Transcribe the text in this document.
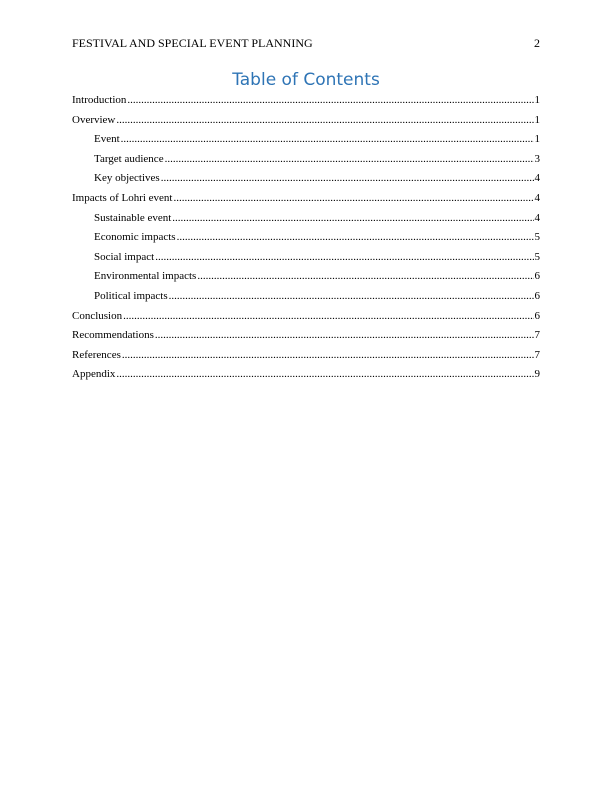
FESTIVAL AND SPECIAL EVENT PLANNING	2
Table of Contents
Introduction .....	1
Overview .....	1
Event .....	1
Target audience .....	3
Key objectives .....	4
Impacts of Lohri event .....	4
Sustainable event .....	4
Economic impacts .....	5
Social impact .....	5
Environmental impacts .....	6
Political impacts .....	6
Conclusion .....	6
Recommendations .....	7
References .....	7
Appendix .....	9
